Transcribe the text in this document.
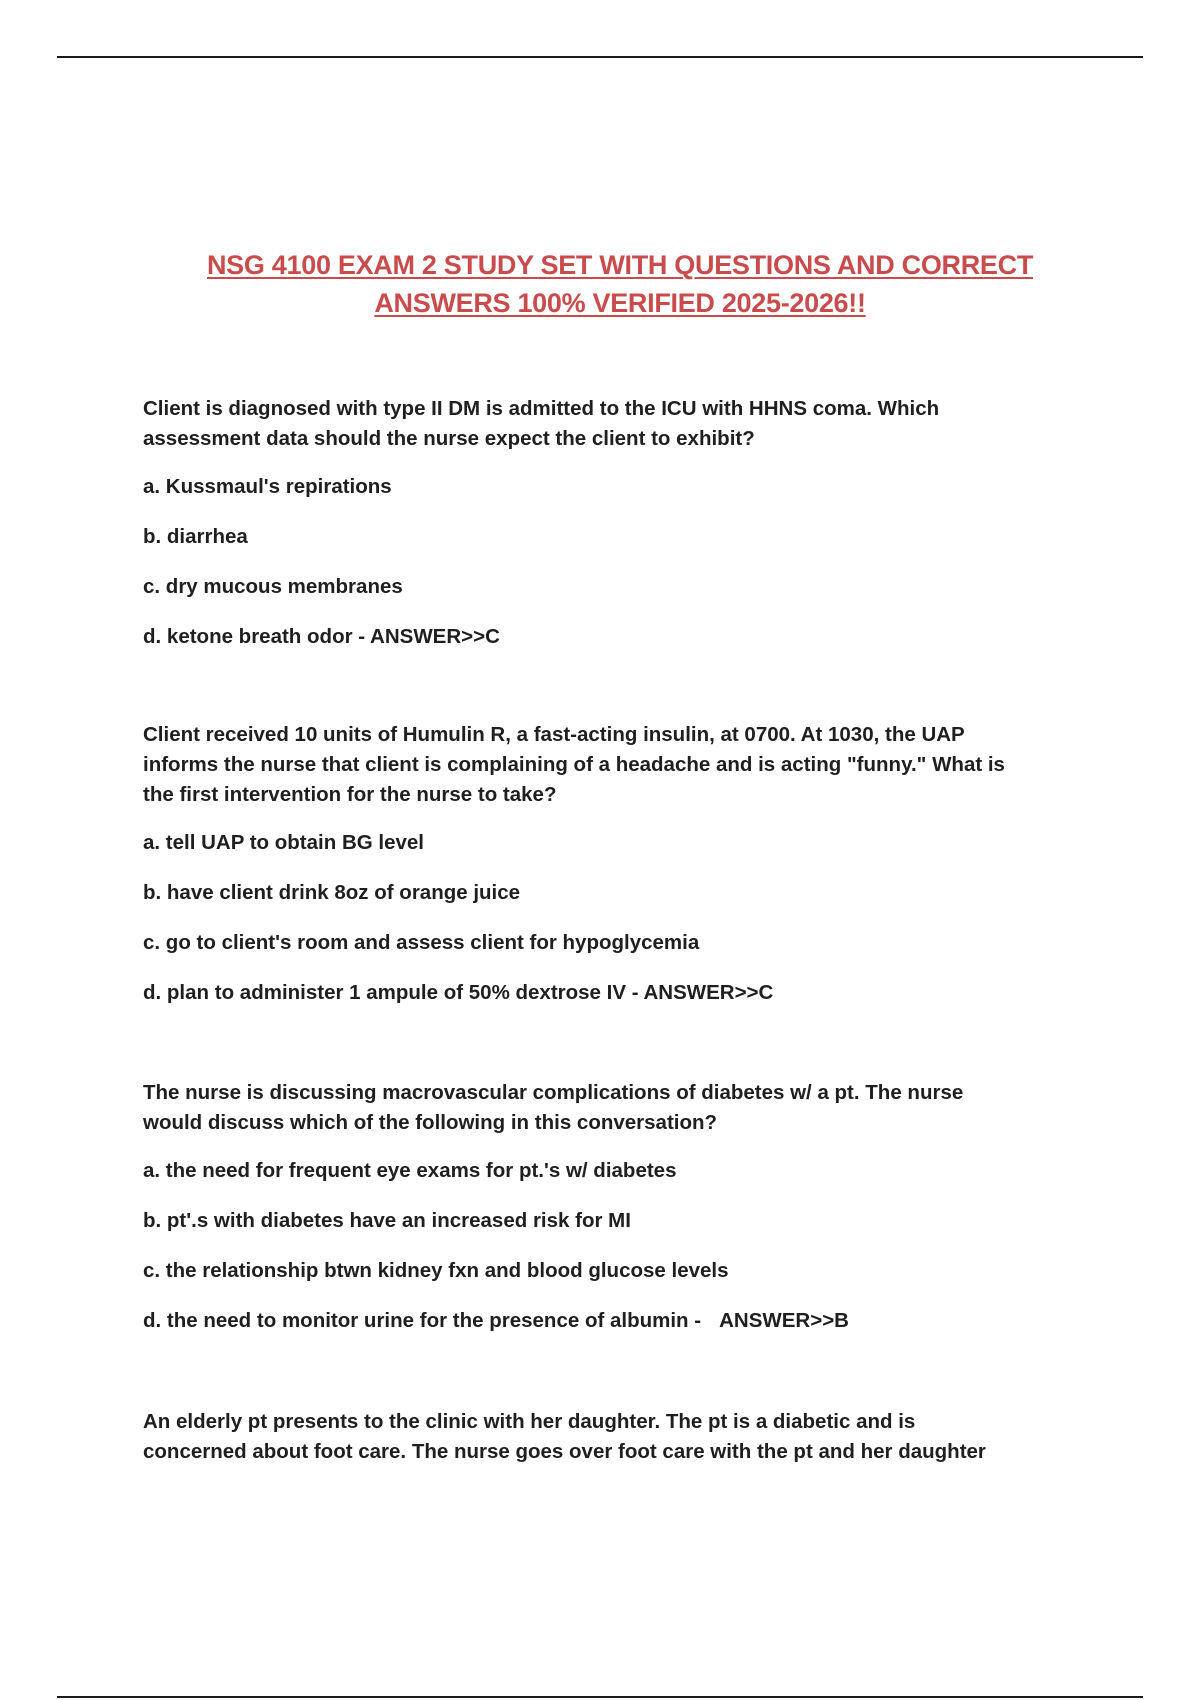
NSG 4100 EXAM 2 STUDY SET WITH QUESTIONS AND CORRECT
ANSWERS 100% VERIFIED 2025-2026!!

Client is diagnosed with type II DM is admitted to the ICU with HHNS coma. Which
assessment data should the nurse expect the client to exhibit?

a. Kussmaul's repirations

b. diarrhea

c. dry mucous membranes

d. ketone breath odor - ANSWER>>C

Client received 10 units of Humulin R, a fast-acting insulin, at 0700. At 1030, the UAP
informs the nurse that client is complaining of a headache and is acting "funny." What is
the first intervention for the nurse to take?

a. tell UAP to obtain BG level

b. have client drink 8oz of orange juice

c. go to client's room and assess client for hypoglycemia

d. plan to administer 1 ampule of 50% dextrose IV - ANSWER>>C

The nurse is discussing macrovascular complications of diabetes w/ a pt. The nurse
would discuss which of the following in this conversation?

a. the need for frequent eye exams for pt.'s w/ diabetes

b. pt'.s with diabetes have an increased risk for MI

c. the relationship btwn kidney fxn and blood glucose levels

d. the need to monitor urine for the presence of albumin - ANSWER>>B

An elderly pt presents to the clinic with her daughter. The pt is a diabetic and is
concerned about foot care. The nurse goes over foot care with the pt and her daughter
